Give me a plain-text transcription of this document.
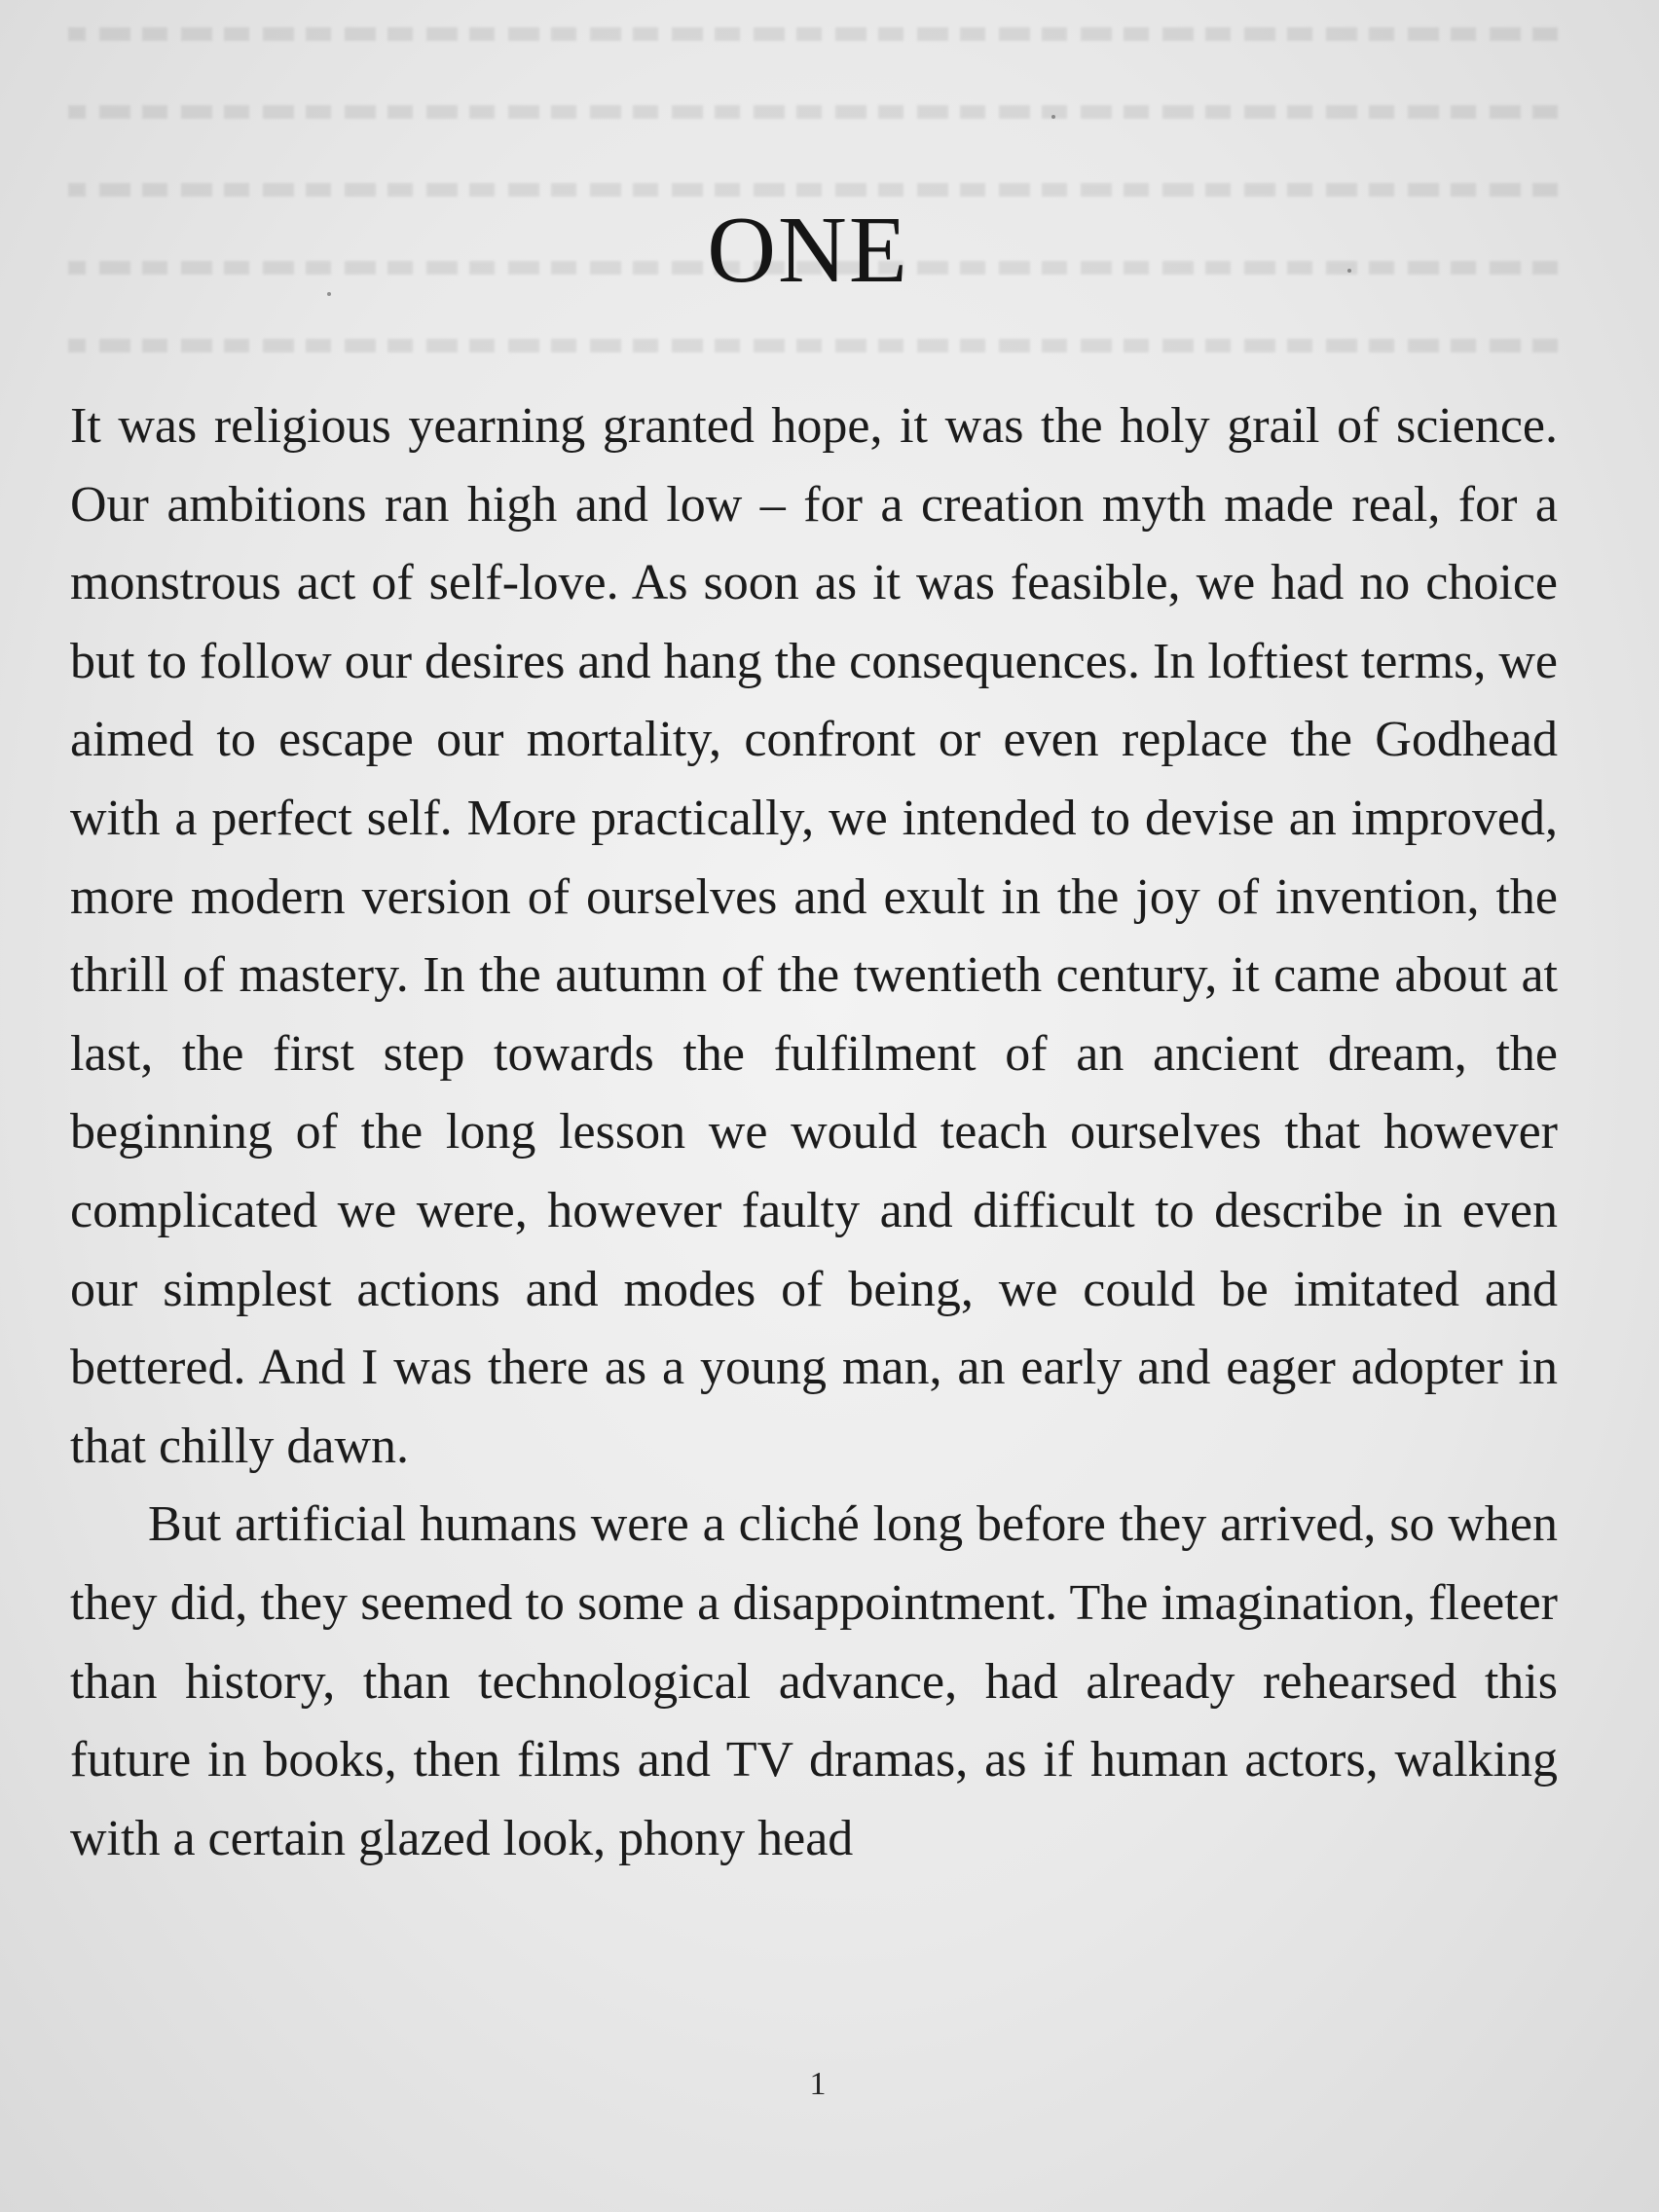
ONE

It was religious yearning granted hope, it was the holy grail of science. Our ambitions ran high and low – for a creation myth made real, for a monstrous act of self-love. As soon as it was feasible, we had no choice but to follow our desires and hang the consequences. In loftiest terms, we aimed to escape our mortality, confront or even replace the Godhead with a perfect self. More practically, we intended to devise an improved, more modern version of ourselves and exult in the joy of invention, the thrill of mastery. In the autumn of the twentieth century, it came about at last, the first step towards the fulfilment of an ancient dream, the beginning of the long lesson we would teach ourselves that however complicated we were, however faulty and difficult to describe in even our simplest actions and modes of being, we could be imitated and bettered. And I was there as a young man, an early and eager adopter in that chilly dawn.

But artificial humans were a cliché long before they arrived, so when they did, they seemed to some a disappointment. The imagination, fleeter than history, than technological advance, had already rehearsed this future in books, then films and TV dramas, as if human actors, walking with a certain glazed look, phony head

1
